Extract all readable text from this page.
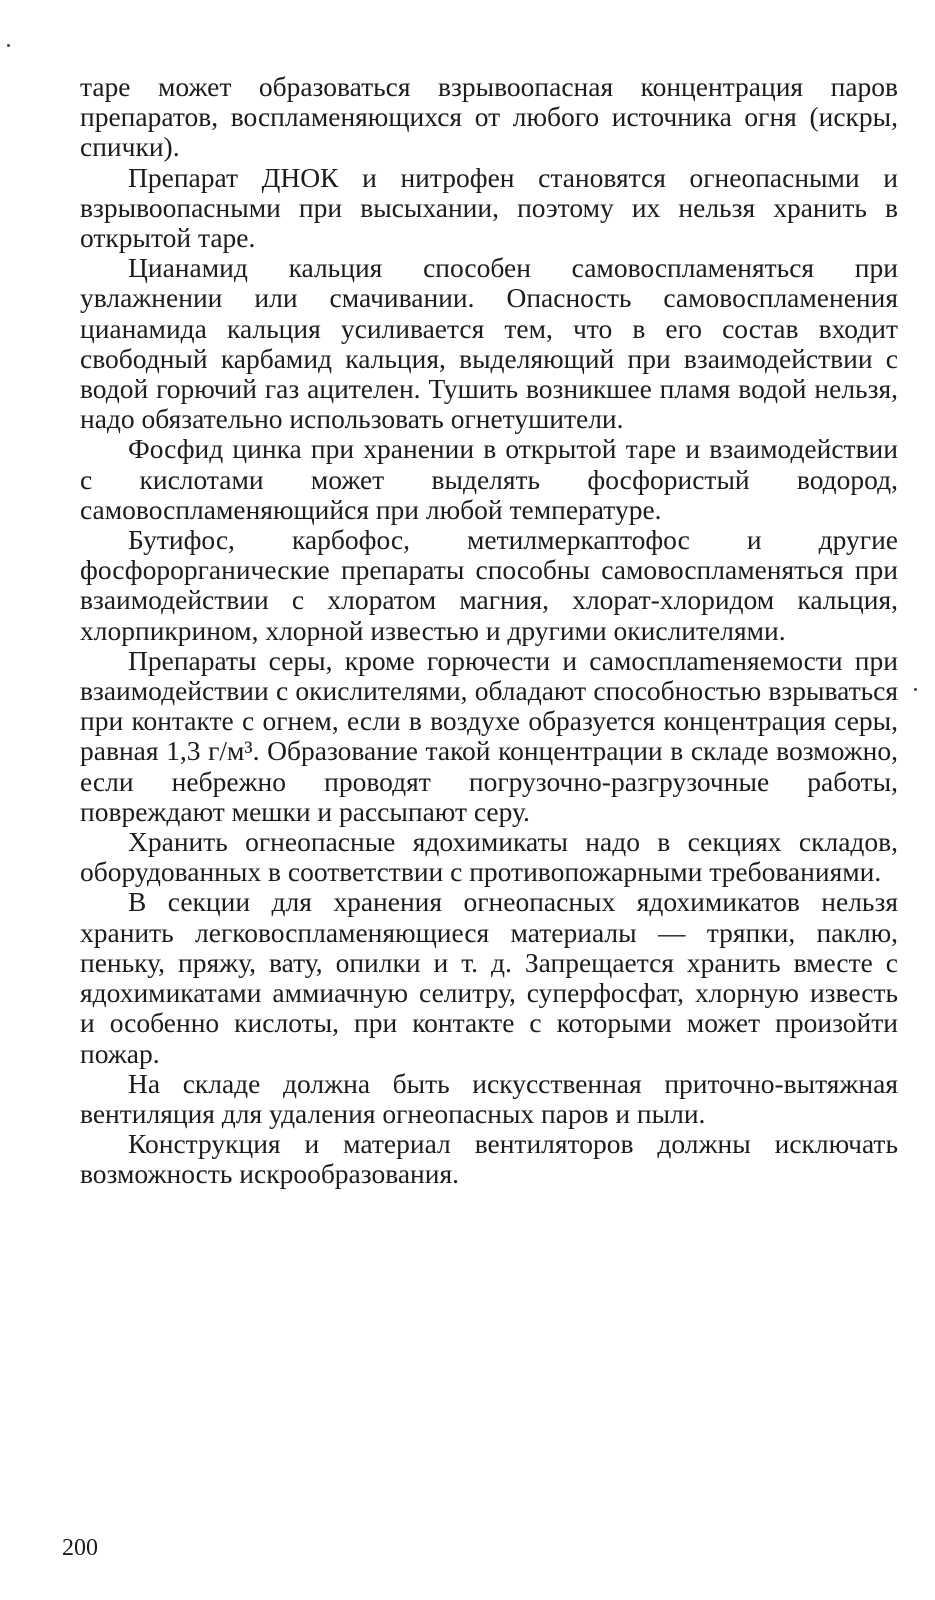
таре может образоваться взрывоопасная концентрация паров препаратов, воспламеняющихся от любого источника огня (искры, спички).

Препарат ДНОК и нитрофен становятся огнеопасными и взрывоопасными при высыхании, поэтому их нельзя хранить в открытой таре.

Цианамид кальция способен самовоспламеняться при увлажнении или смачивании. Опасность самовоспламенения цианамида кальция усиливается тем, что в его состав входит свободный карбамид кальция, выделяющий при взаимодействии с водой горючий газ ацителен. Тушить возникшее пламя водой нельзя, надо обязательно использовать огнетушители.

Фосфид цинка при хранении в открытой таре и взаимодействии с кислотами может выделять фосфористый водород, самовоспламеняющийся при любой температуре.

Бутифос, карбофос, метилмеркаптофос и другие фосфорорганические препараты способны самовоспламеняться при взаимодействии с хлоратом магния, хлорат-хлоридом кальция, хлорпикрином, хлорной известью и другими окислителями.

Препараты серы, кроме горючести и самосплameняемости при взаимодействии с окислителями, обладают способностью взрываться при контакте с огнем, если в воздухе образуется концентрация серы, равная 1,3 г/м³. Образование такой концентрации в складе возможно, если небрежно проводят погрузочно-разгрузочные работы, повреждают мешки и рассыпают серу.

Хранить огнеопасные ядохимикаты надо в секциях складов, оборудованных в соответствии с противопожарными требованиями.

В секции для хранения огнеопасных ядохимикатов нельзя хранить легковоспламеняющиеся материалы — тряпки, паклю, пеньку, пряжу, вату, опилки и т. д. Запрещается хранить вместе с ядохимикатами аммиачную селитру, суперфосфат, хлорную известь и особенно кислоты, при контакте с которыми может произойти пожар.

На складе должна быть искусственная приточно-вытяжная вентиляция для удаления огнеопасных паров и пыли.

Конструкция и материал вентиляторов должны исключать возможность искрообразования.

200
